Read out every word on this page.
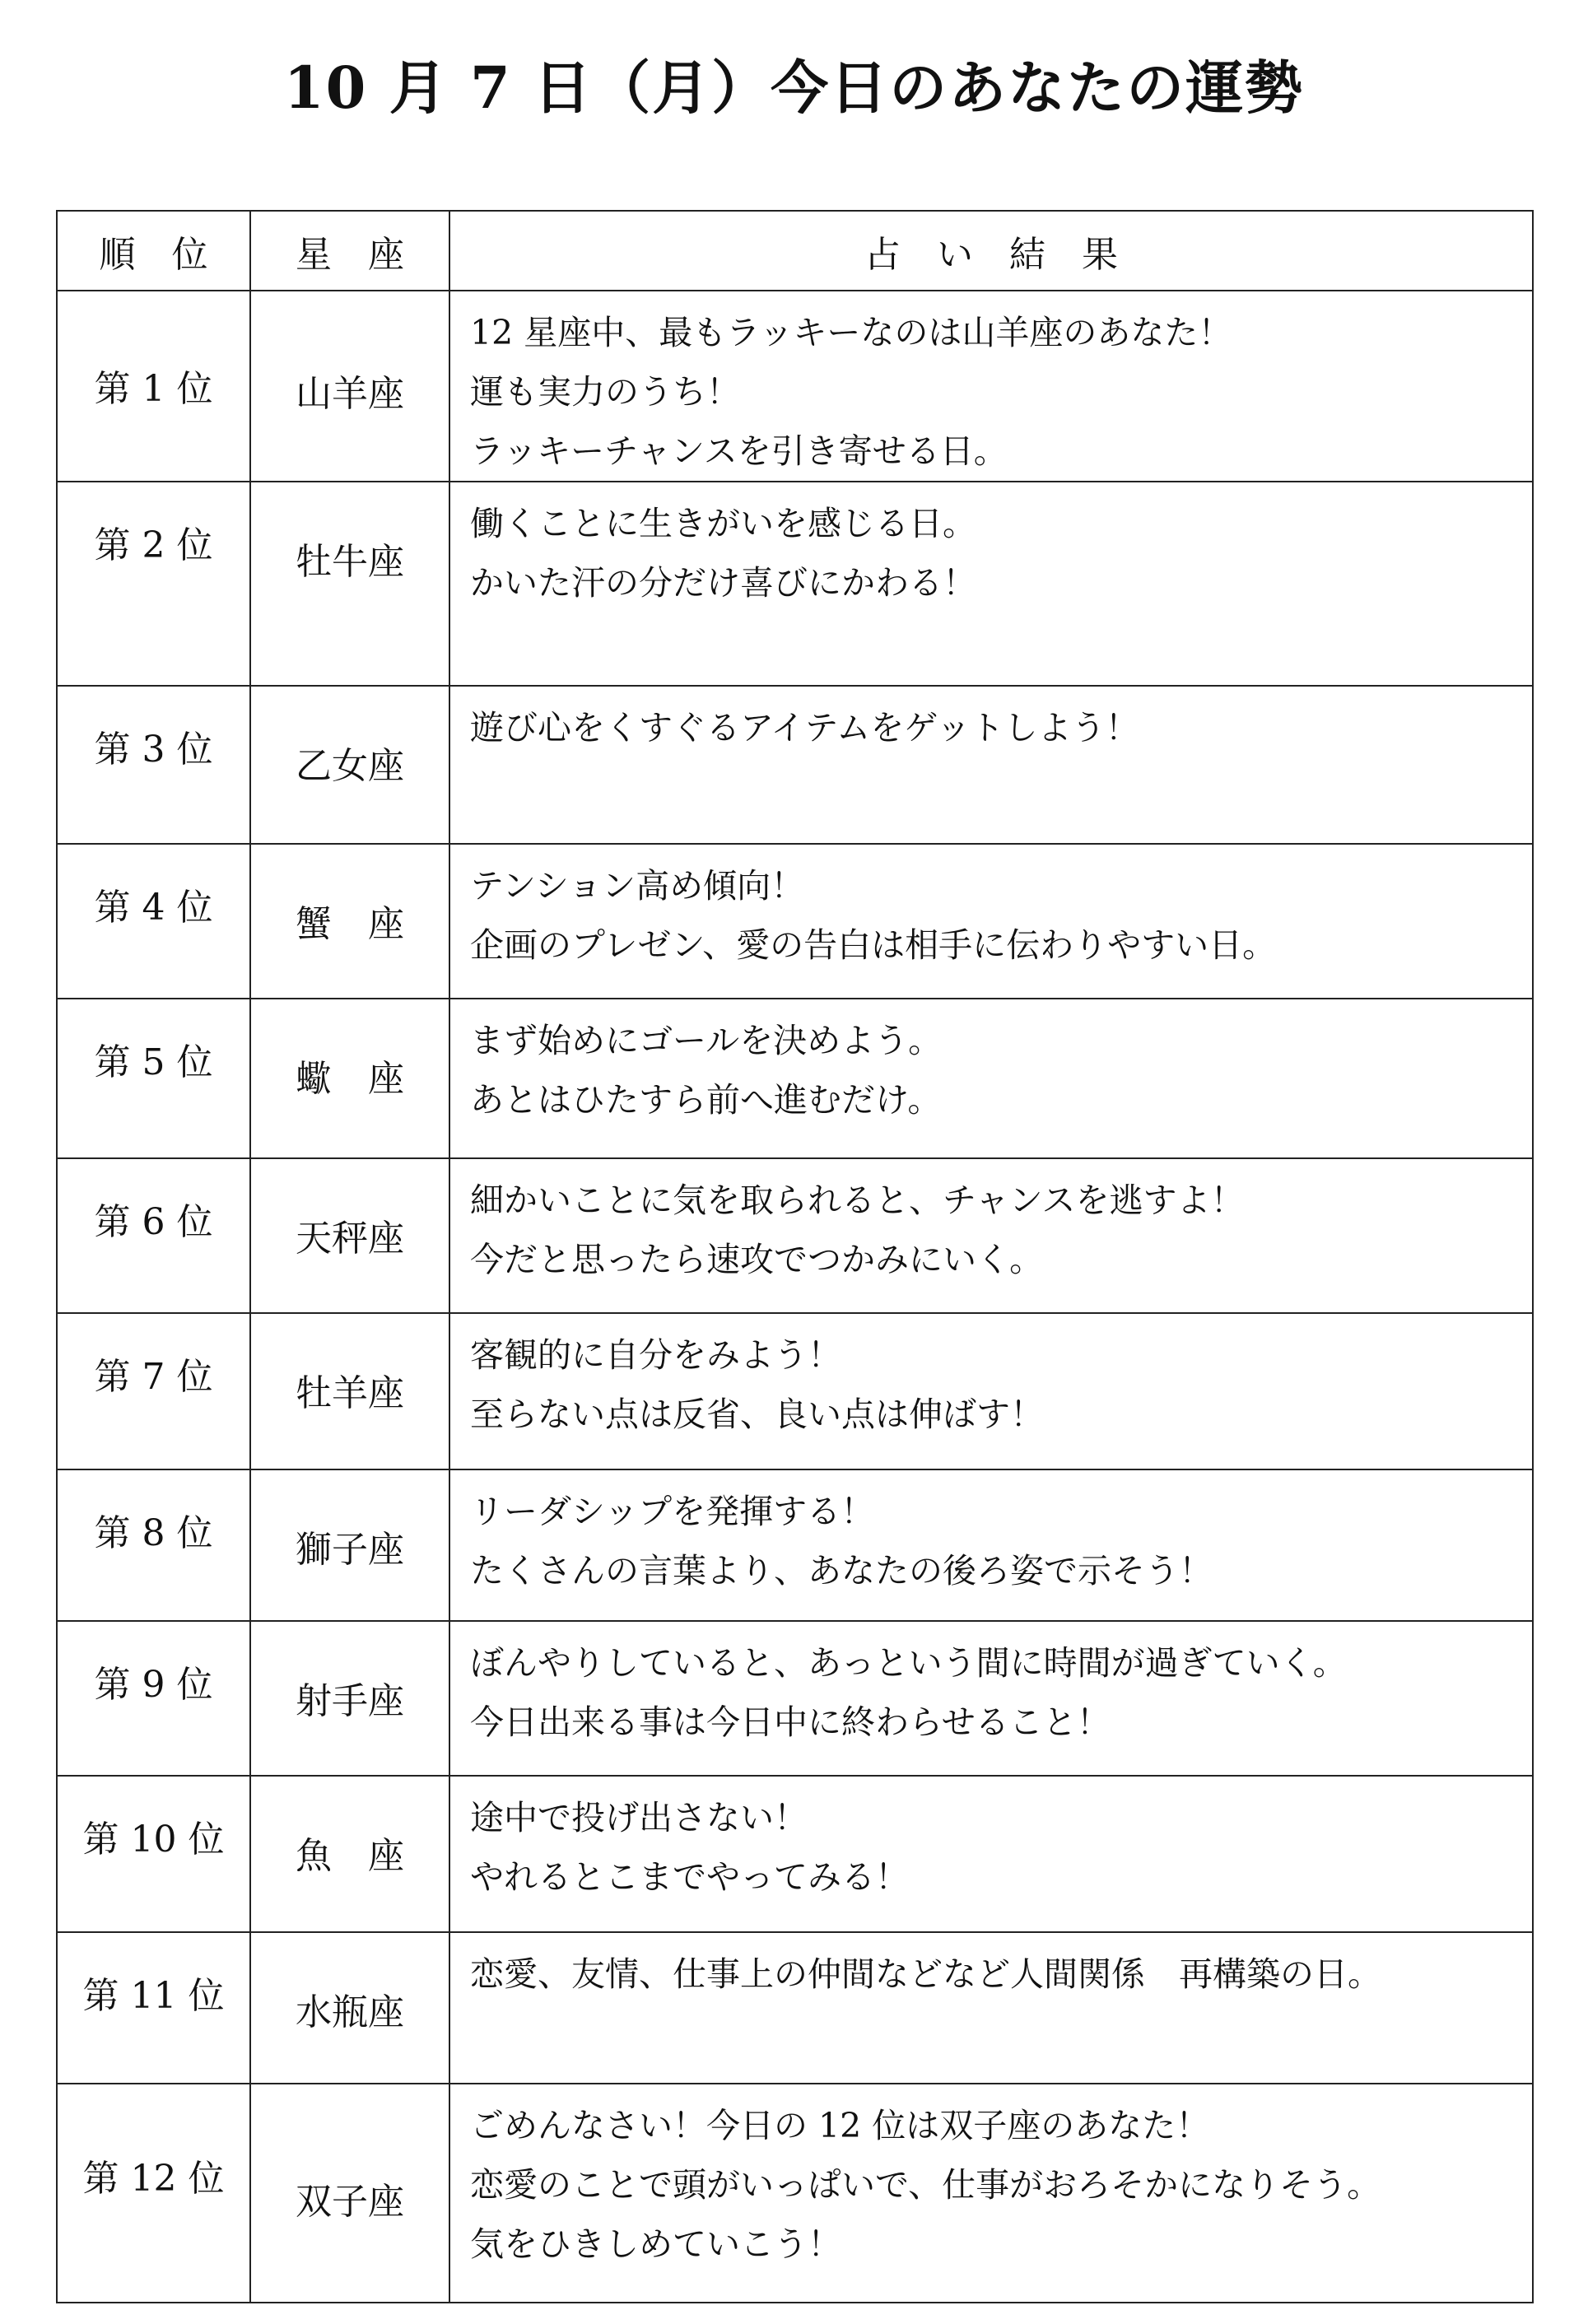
10 月 7 日（月）今日のあなたの運勢
順　位	星　座	占　い　結　果

第 1 位	山羊座	12 星座中、最もラッキーなのは山羊座のあなた！
運も実力のうち！
ラッキーチャンスを引き寄せる日。

第 2 位	牡牛座	働くことに生きがいを感じる日。
かいた汗の分だけ喜びにかわる！

第 3 位	乙女座	遊び心をくすぐるアイテムをゲットしよう！

第 4 位	蟹　座	テンション高め傾向！
企画のプレゼン、愛の告白は相手に伝わりやすい日。

第 5 位	蠍　座	まず始めにゴールを決めよう。
あとはひたすら前へ進むだけ。

第 6 位	天秤座	細かいことに気を取られると、チャンスを逃すよ！
今だと思ったら速攻でつかみにいく。

第 7 位	牡羊座	客観的に自分をみよう！
至らない点は反省、良い点は伸ばす！

第 8 位	獅子座	リーダシップを発揮する！
たくさんの言葉より、あなたの後ろ姿で示そう！

第 9 位	射手座	ぼんやりしていると、あっという間に時間が過ぎていく。
今日出来る事は今日中に終わらせること！

第 10 位	魚　座	途中で投げ出さない！
やれるとこまでやってみる！

第 11 位	水瓶座	恋愛、友情、仕事上の仲間などなど人間関係　再構築の日。

第 12 位	双子座	ごめんなさい！今日の 12 位は双子座のあなた！
恋愛のことで頭がいっぱいで、仕事がおろそかになりそう。
気をひきしめていこう！
